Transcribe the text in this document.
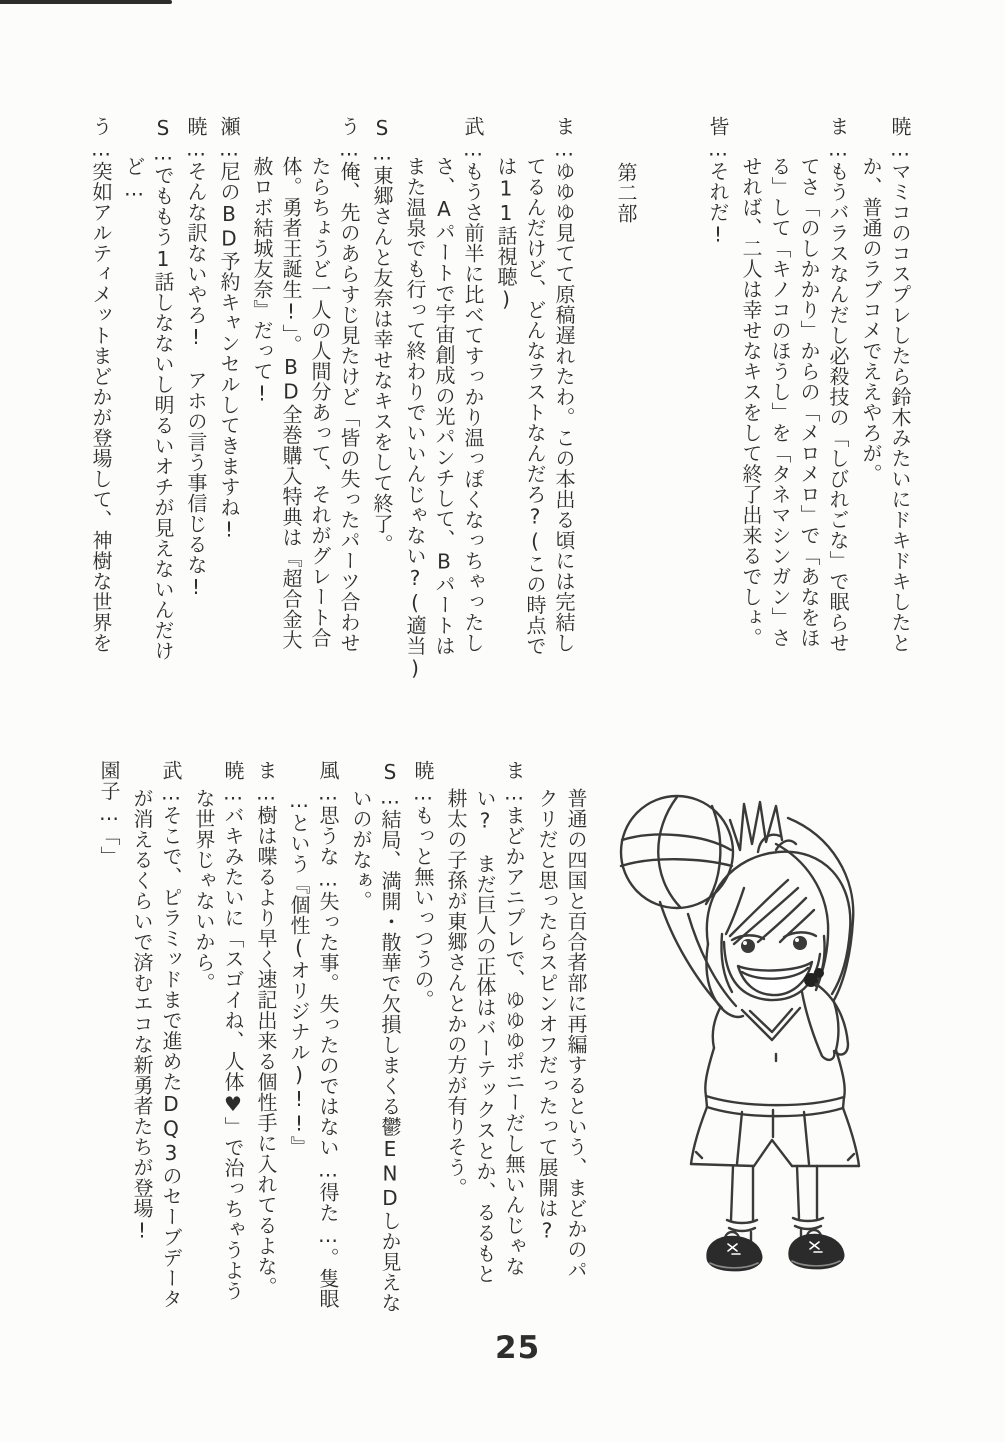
暁…マミコのコスプレしたら鈴木みたいにドキドキしたと

か、普通のラブコメでええやろが。

ま…もうバラスなんだし必殺技の「しびれごな」で眠らせ

てさ「のしかかり」からの「メロメロ」で「あなをほ

る」して「キノコのほうし」を「タネマシンガン」さ

せれば、二人は幸せなキスをして終了出来るでしょ。

皆…それだ!

第二部

ま…ゆゆゆ見てて原稿遅れたわ。この本出る頃には完結し

てるんだけど、どんなラストなんだろ?(この時点で

は11話視聴)

武…もうさ前半に比べてすっかり温っぽくなっちゃったし

さ、Aパートで宇宙創成の光パンチして、Bパートは

また温泉でも行って終わりでいいんじゃない?(適当)

S…東郷さんと友奈は幸せなキスをして終了。

う…俺、先のあらすじ見たけど「皆の失ったパーツ合わせ

たらちょうど一人の人間分あって、それがグレート合

体。勇者王誕生!」。BD全巻購入特典は『超合金大

赦ロボ結城友奈』だって!

瀬…尼のBD予約キャンセルしてきますね!

暁…そんな訳ないやろ!　アホの言う事信じるな!

S…でももう1話しなないし明るいオチが見えないんだけ

ど…

う…突如アルティメットまどかが登場して、神樹な世界を

普通の四国と百合者部に再編するという、まどかのパ

クリだと思ったらスピンオフだったって展開は?

ま…まどかアニプレで、ゆゆゆポニーだし無いんじゃな

い?　まだ巨人の正体はバーテックスとか、るるもと

耕太の子孫が東郷さんとかの方が有りそう。

暁…もっと無いっつうの。

S…結局、満開・散華で欠損しまくる鬱ENDしか見えな

いのがなぁ。

風…思うな…失った事。失ったのではない…得た…。隻眼

…という『個性(オリジナル)!!』

ま…樹は喋るより早く速記出来る個性手に入れてるよな。

暁…バキみたいに「スゴイね、人体♥」で治っちゃうよう

な世界じゃないから。

武…そこで、ピラミッドまで進めたDQ3のセーブデータ

が消えるくらいで済むエコな新勇者たちが登場!

園子…「」

25
